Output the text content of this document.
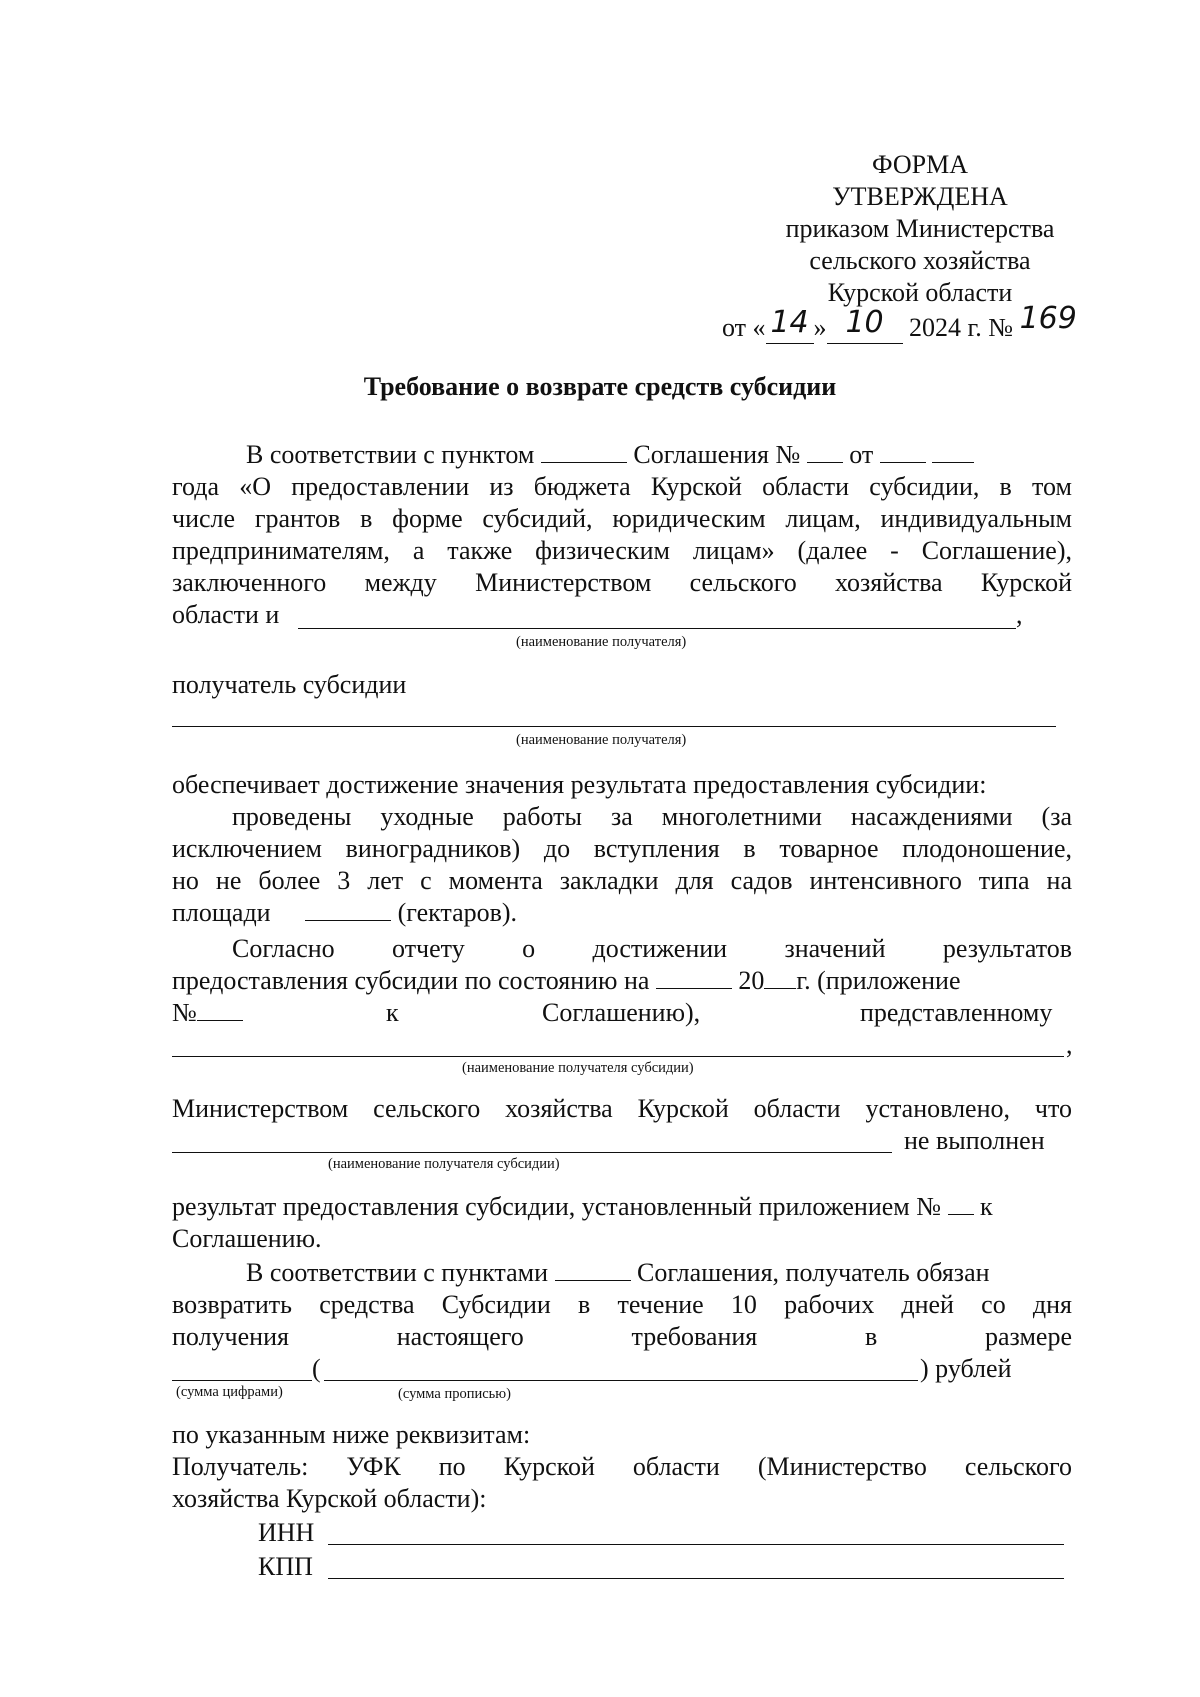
ФОРМА
УТВЕРЖДЕНА
приказом Министерства
сельского хозяйства
Курской области
от « 14 » 10 2024 г. № 169
Требование о возврате средств субсидии
В соответствии с пунктом	Соглашения № от
года «О предоставлении из бюджета Курской области субсидии, в том
числе грантов в форме субсидий, юридическим лицам, индивидуальным
предпринимателям, а также физическим лицам» (далее - Соглашение),
заключенного между Министерством сельского хозяйства Курской
области и	,
(наименование получателя)
получатель субсидии
(наименование получателя)
обеспечивает достижение значения результата предоставления субсидии:
проведены уходные работы за многолетними насаждениями (за
исключением виноградников) до вступления в товарное плодоношение,
но не более 3 лет с момента закладки для садов интенсивного типа на
площади	(гектаров).
Согласно отчету о достижении значений результатов
предоставления субсидии по состоянию на	20 г. (приложение
№	к	Соглашению),	представленному
,
(наименование получателя субсидии)
Министерством сельского хозяйства Курской области установлено, что
не выполнен
(наименование получателя субсидии)
результат предоставления субсидии, установленный приложением № к
Соглашению.
В соответствии с пунктами	Соглашения, получатель обязан
возвратить средства Субсидии в течение 10 рабочих дней со дня
получения настоящего требования в размере
(	) рублей
(сумма цифрами)	(сумма прописью)
по указанным ниже реквизитам:
Получатель: УФК по Курской области (Министерство сельского
хозяйства Курской области):
ИНН
КПП
